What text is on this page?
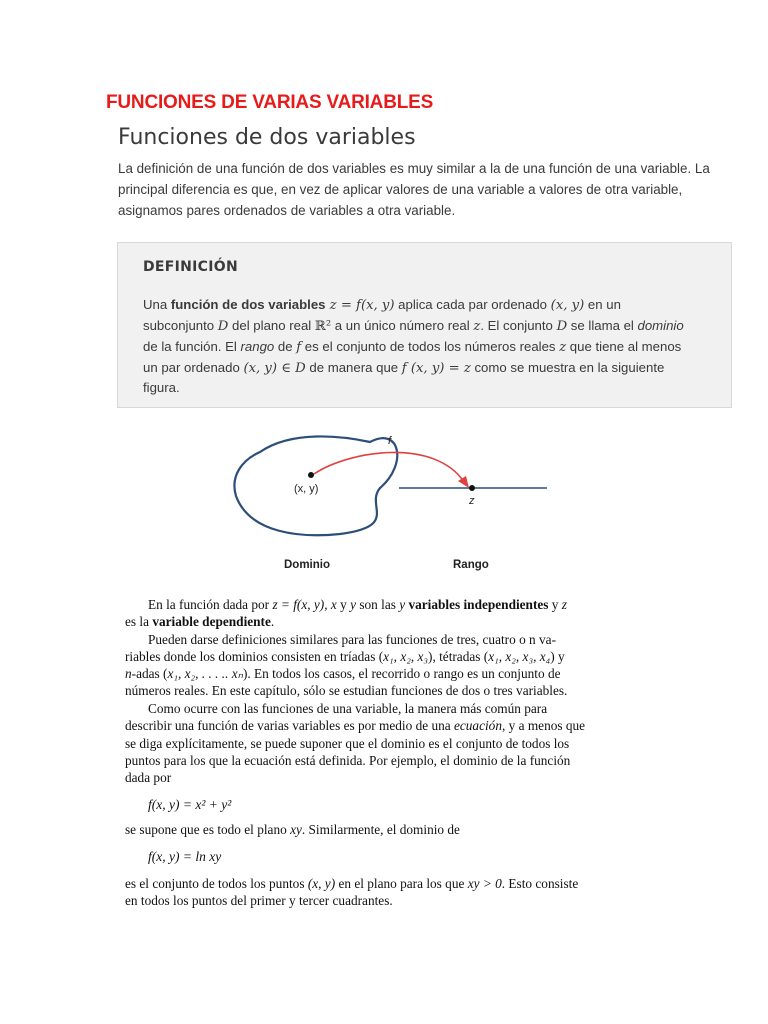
FUNCIONES DE VARIAS VARIABLES
Funciones de dos variables
La definición de una función de dos variables es muy similar a la de una función de una variable. La
principal diferencia es que, en vez de aplicar valores de una variable a valores de otra variable,
asignamos pares ordenados de variables a otra variable.
DEFINICIÓN
Una función de dos variables z = f(x, y) aplica cada par ordenado (x, y) en un
subconjunto D del plano real ℝ² a un único número real z. El conjunto D se llama el dominio
de la función. El rango de f es el conjunto de todos los números reales z que tiene al menos
un par ordenado (x, y) ∈ D de manera que f (x, y) = z como se muestra en la siguiente
figura.
f
(x, y)
z
Dominio	Rango
En la función dada por z = f(x, y), x y y son las y variables independientes y z
es la variable dependiente.
Pueden darse definiciones similares para las funciones de tres, cuatro o n va-
riables donde los dominios consisten en tríadas (x₁, x₂, x₃), tétradas (x₁, x₂, x₃, x₄) y
n-adas (x₁, x₂, . . . .. xₙ). En todos los casos, el recorrido o rango es un conjunto de
números reales. En este capítulo, sólo se estudian funciones de dos o tres variables.
Como ocurre con las funciones de una variable, la manera más común para
describir una función de varias variables es por medio de una ecuación, y a menos que
se diga explícitamente, se puede suponer que el dominio es el conjunto de todos los
puntos para los que la ecuación está definida. Por ejemplo, el dominio de la función
dada por
f(x, y) = x² + y²
se supone que es todo el plano xy. Similarmente, el dominio de
f(x, y) = ln xy
es el conjunto de todos los puntos (x, y) en el plano para los que xy > 0. Esto consiste
en todos los puntos del primer y tercer cuadrantes.
